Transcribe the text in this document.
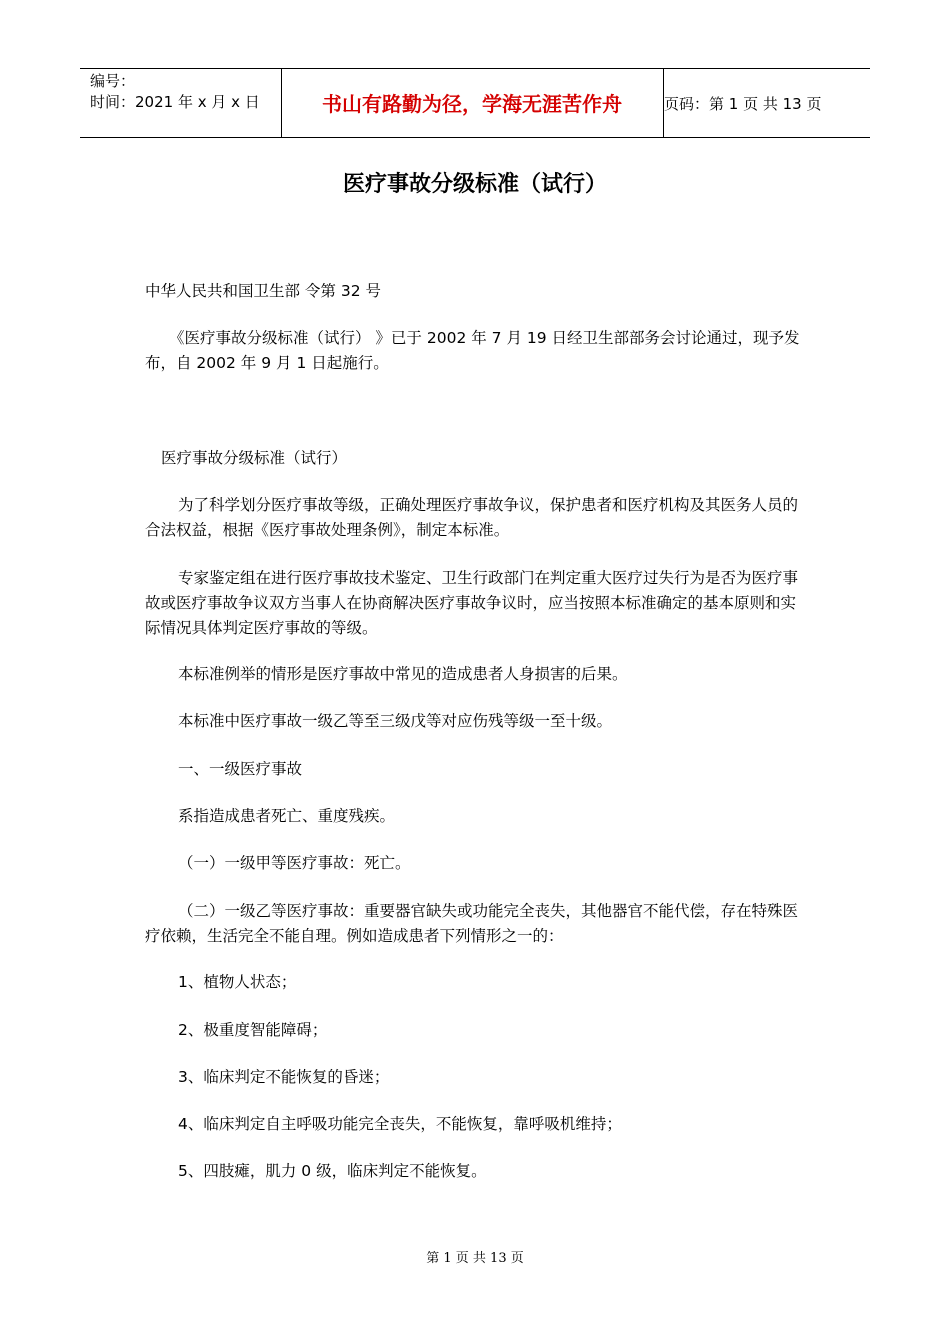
编号：
时间：2021 年 x 月 x 日	书山有路勤为径，学海无涯苦作舟	页码：第 1 页 共 13 页
医疗事故分级标准（试行）
中华人民共和国卫生部 令第 32 号
《医疗事故分级标准（试行） 》已于 2002 年 7 月 19 日经卫生部部务会讨论通过，现予发布，自 2002 年 9 月 1 日起施行。
医疗事故分级标准（试行）
为了科学划分医疗事故等级，正确处理医疗事故争议，保护患者和医疗机构及其医务人员的合法权益，根据《医疗事故处理条例》，制定本标准。
专家鉴定组在进行医疗事故技术鉴定、卫生行政部门在判定重大医疗过失行为是否为医疗事故或医疗事故争议双方当事人在协商解决医疗事故争议时，应当按照本标准确定的基本原则和实际情况具体判定医疗事故的等级。
本标准例举的情形是医疗事故中常见的造成患者人身损害的后果。
本标准中医疗事故一级乙等至三级戊等对应伤残等级一至十级。
一、一级医疗事故
系指造成患者死亡、重度残疾。
（一）一级甲等医疗事故：死亡。
（二）一级乙等医疗事故：重要器官缺失或功能完全丧失，其他器官不能代偿，存在特殊医疗依赖，生活完全不能自理。例如造成患者下列情形之一的：
1、植物人状态；
2、极重度智能障碍；
3、临床判定不能恢复的昏迷；
4、临床判定自主呼吸功能完全丧失，不能恢复，靠呼吸机维持；
5、四肢瘫，肌力 0 级，临床判定不能恢复。
第 1 页 共 13 页
